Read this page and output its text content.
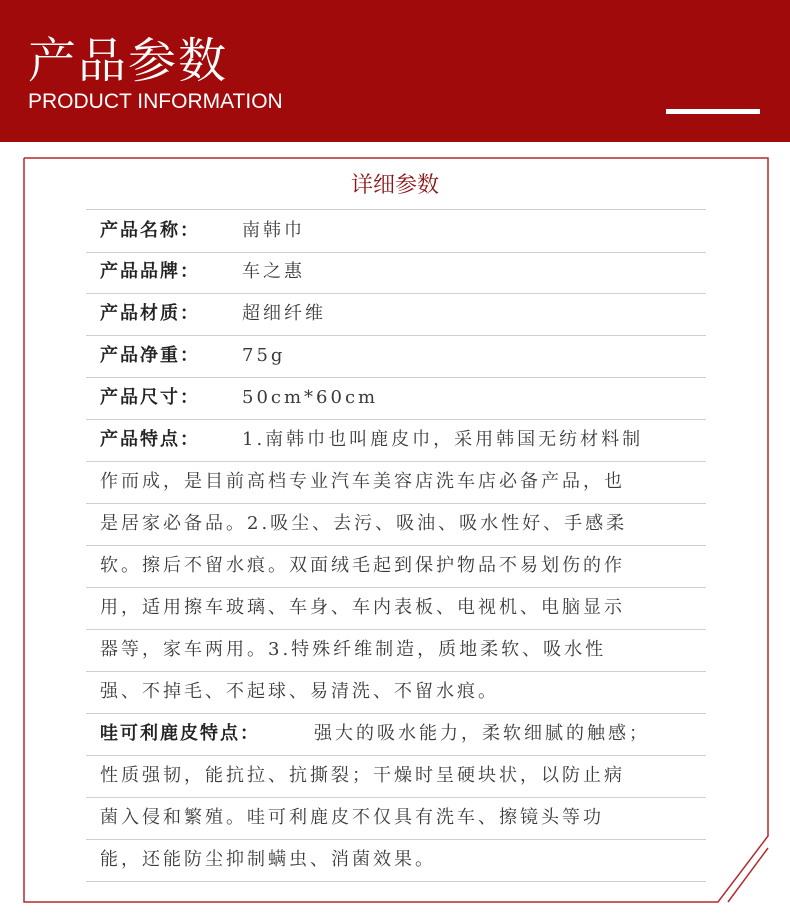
产品参数
PRODUCT INFORMATION
详细参数
产品名称： 南韩巾
产品品牌： 车之惠
产品材质： 超细纤维
产品净重： 75g
产品尺寸： 50cm*60cm
产品特点： 1.南韩巾也叫鹿皮巾，采用韩国无纺材料制
作而成，是目前高档专业汽车美容店洗车店必备产品，也
是居家必备品。2.吸尘、去污、吸油、吸水性好、手感柔
软。擦后不留水痕。双面绒毛起到保护物品不易划伤的作
用，适用擦车玻璃、车身、车内表板、电视机、电脑显示
器等，家车两用。3.特殊纤维制造，质地柔软、吸水性
强、不掉毛、不起球、易清洗、不留水痕。
哇可利鹿皮特点：	强大的吸水能力，柔软细腻的触感；
性质强韧，能抗拉、抗撕裂；干燥时呈硬块状，以防止病
菌入侵和繁殖。哇可利鹿皮不仅具有洗车、擦镜头等功
能，还能防尘抑制螨虫、消菌效果。
